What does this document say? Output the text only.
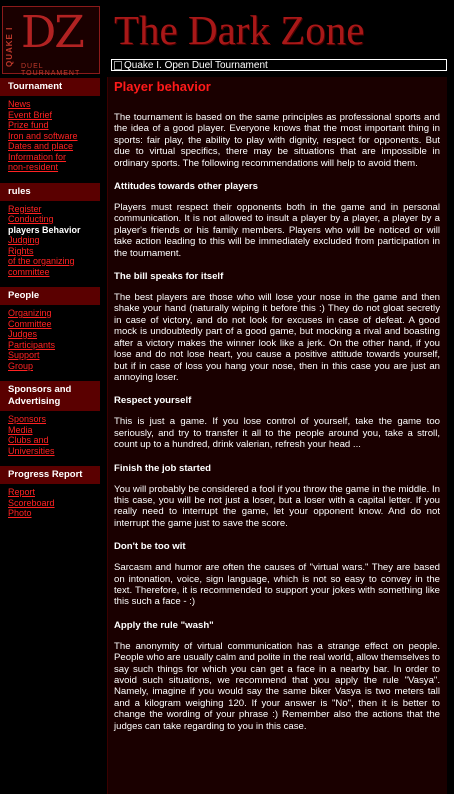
QUAKE I DZ
DUEL TOURNAMENT
The Dark Zone
Quake I. Open Duel Tournament
Tournament
News
Event Brief
Prize fund
Iron and software
Dates and place
Information for
non-resident
rules
Register
Conducting
players Behavior
Judging
Rights
of the organizing
committee
People
Organizing
Committee
Judges
Participants
Support
Group
Sponsors and Advertising
Sponsors
Media
Clubs and
Universities
Progress Report
Report
Scoreboard
Photo
Player behavior
The tournament is based on the same principles as professional sports and the idea of a good player. Everyone knows that the most important thing in sports: fair play, the ability to play with dignity, respect for opponents. But due to virtual specifics, there may be situations that are impossible in ordinary sports. The following recommendations will help to avoid them.
Attitudes towards other players
Players must respect their opponents both in the game and in personal communication. It is not allowed to insult a player by a player, a player by a player's friends or his family members. Players who will be noticed or will take action leading to this will be immediately excluded from participation in the tournament.
The bill speaks for itself
The best players are those who will lose your nose in the game and then shake your hand (naturally wiping it before this :) They do not gloat secretly in case of victory, and do not look for excuses in case of defeat. A good mock is undoubtedly part of a good game, but mocking a rival and boasting after a victory makes the winner look like a jerk. On the other hand, if you lose and do not lose heart, you cause a positive attitude towards yourself, but if in case of loss you hang your nose, then in this case you are just an annoying loser.
Respect yourself
This is just a game. If you lose control of yourself, take the game too seriously, and try to transfer it all to the people around you, take a stroll, count up to a hundred, drink valerian, refresh your head ...
Finish the job started
You will probably be considered a fool if you throw the game in the middle. In this case, you will be not just a loser, but a loser with a capital letter. If you really need to interrupt the game, let your opponent know. And do not interrupt the game just to save the score.
Don't be too wit
Sarcasm and humor are often the causes of "virtual wars." They are based on intonation, voice, sign language, which is not so easy to convey in the text. Therefore, it is recommended to support your jokes with something like this such a face - :)
Apply the rule "wash"
The anonymity of virtual communication has a strange effect on people. People who are usually calm and polite in the real world, allow themselves to say such things for which you can get a face in a nearby bar. In order to avoid such situations, we recommend that you apply the rule "Vasya". Namely, imagine if you would say the same biker Vasya is two meters tall and a kilogram weighing 120. If your answer is "No", then it is better to change the wording of your phrase :) Remember also the actions that the judges can take regarding to you in this case.
